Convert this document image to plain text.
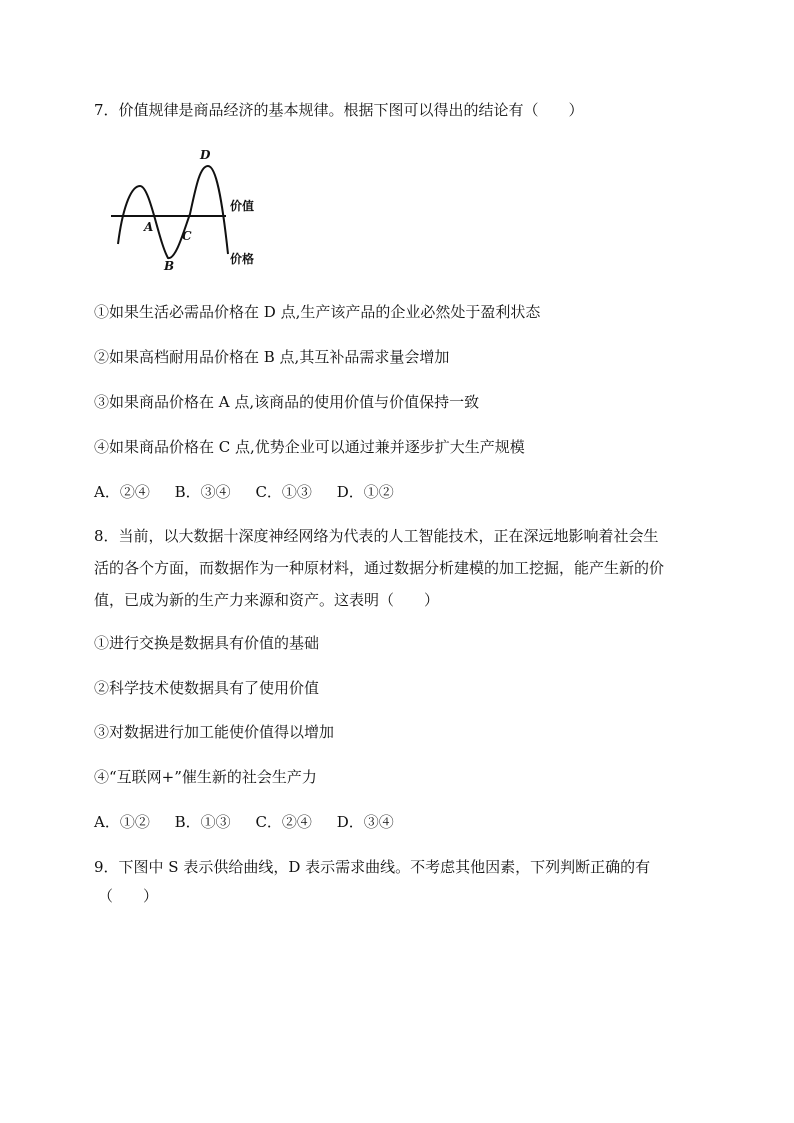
7．价值规律是商品经济的基本规律。根据下图可以得出的结论有（　　）
D
A
C
B
价值
价格
①如果生活必需品价格在 D 点,生产该产品的企业必然处于盈利状态
②如果高档耐用品价格在 B 点,其互补品需求量会增加
③如果商品价格在 A 点,该商品的使用价值与价值保持一致
④如果商品价格在 C 点,优势企业可以通过兼并逐步扩大生产规模
A．②④ B．③④ C．①③ D．①②
8．当前，以大数据十深度神经网络为代表的人工智能技术，正在深远地影响着社会生
活的各个方面，而数据作为一种原材料，通过数据分析建模的加工挖掘，能产生新的价
值，已成为新的生产力来源和资产。这表明（　　）
①进行交换是数据具有价值的基础
②科学技术使数据具有了使用价值
③对数据进行加工能使价值得以增加
④“互联网+”催生新的社会生产力
A．①② B．①③ C．②④ D．③④
9．下图中 S 表示供给曲线，D 表示需求曲线。不考虑其他因素，下列判断正确的有
（　　）
